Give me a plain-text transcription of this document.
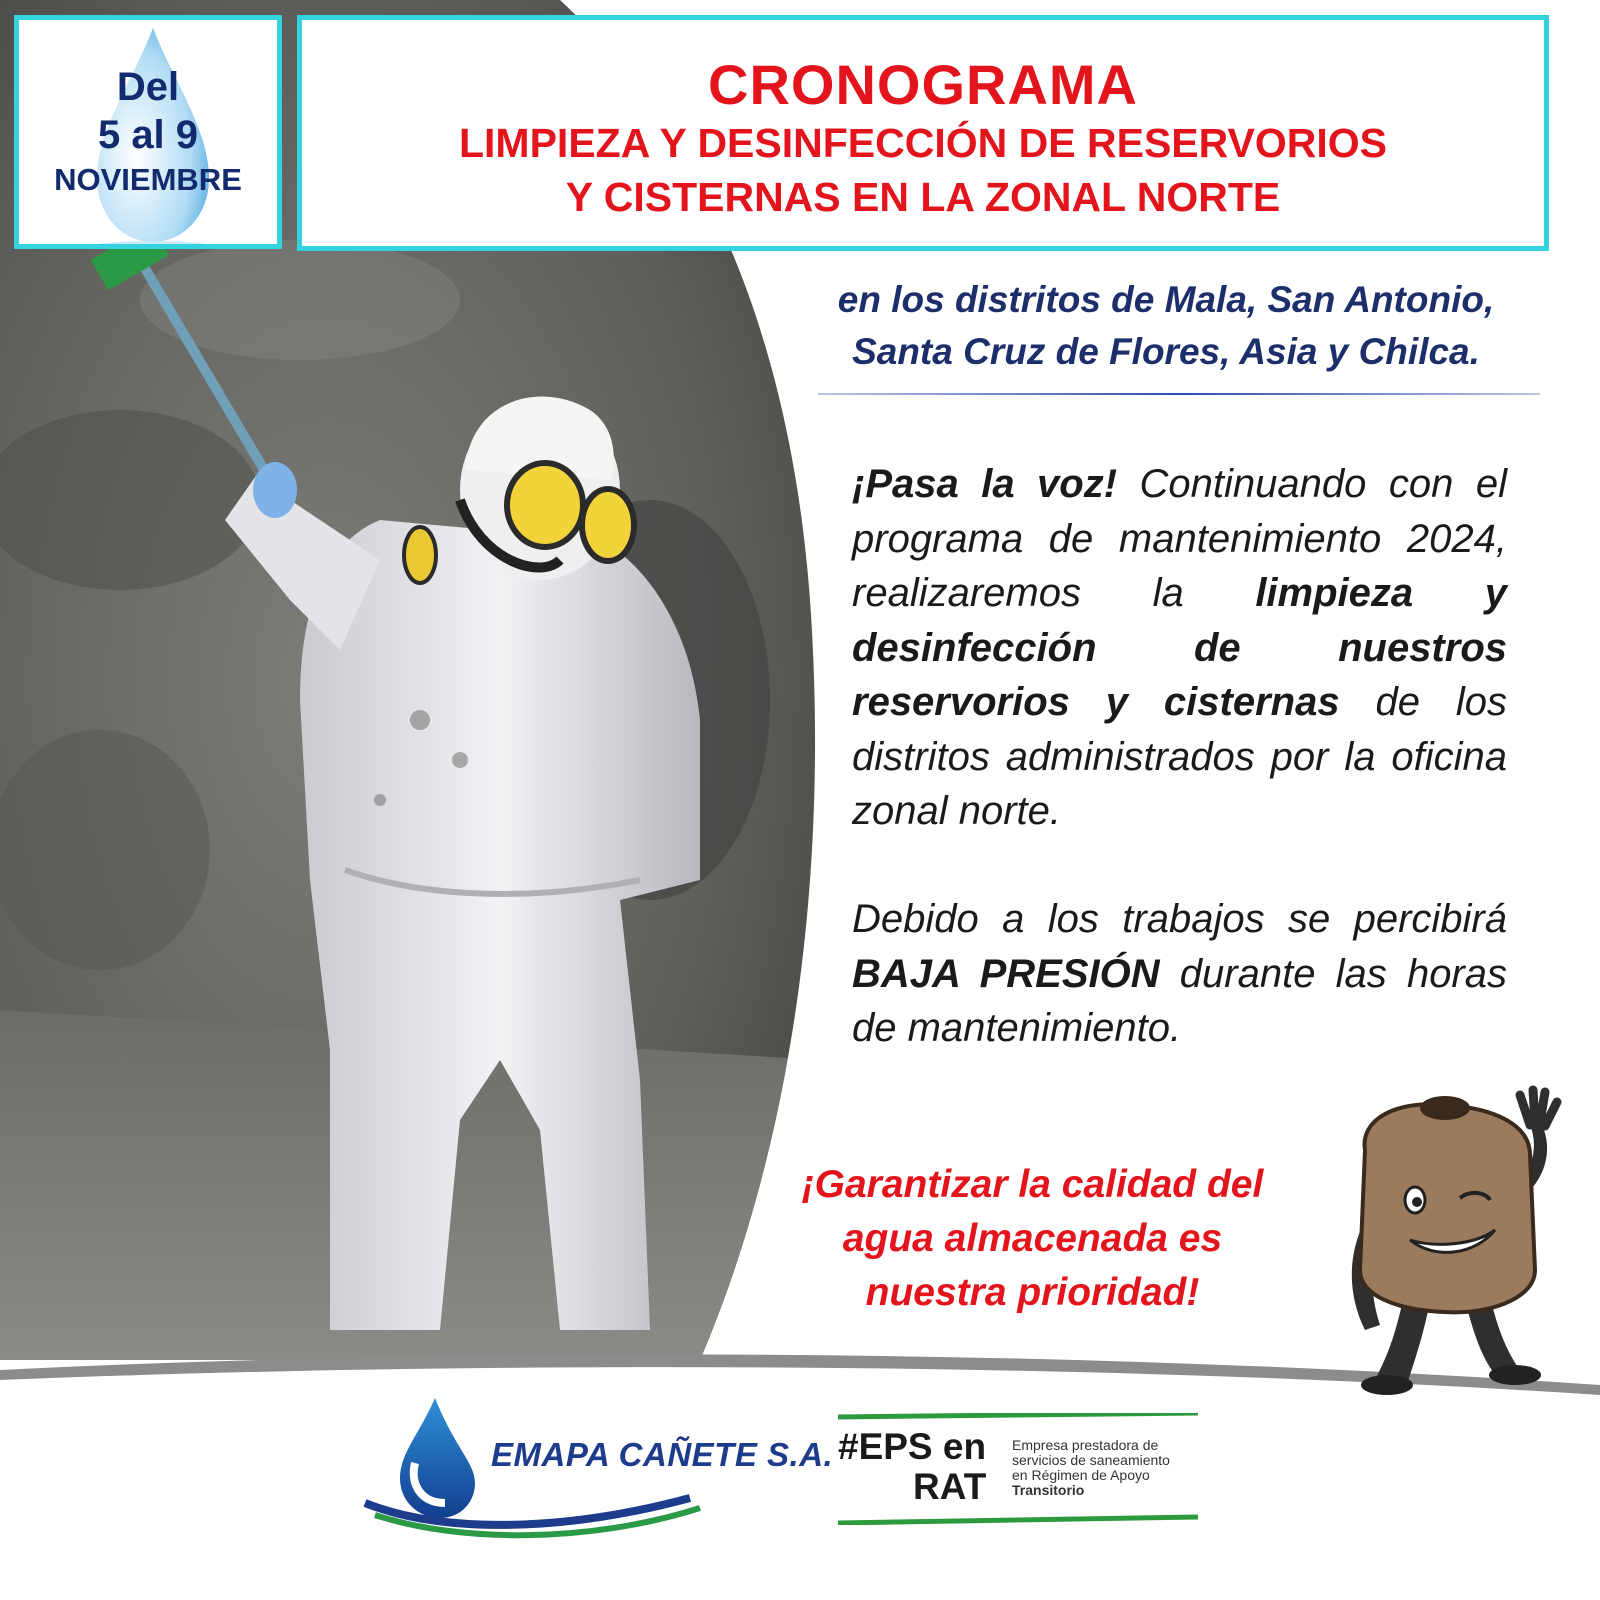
Del
5 al 9
NOVIEMBRE
CRONOGRAMA
LIMPIEZA Y DESINFECCIÓN DE RESERVORIOS
Y CISTERNAS EN LA ZONAL NORTE
en los distritos de Mala, San Antonio,
Santa Cruz de Flores, Asia y Chilca.
¡Pasa la voz! Continuando con el programa de mantenimiento 2024, realizaremos la limpieza y desinfección de nuestros reservorios y cisternas de los distritos administrados por la oficina zonal norte.
Debido a los trabajos se percibirá BAJA PRESIÓN durante las horas de mantenimiento.
¡Garantizar la calidad del
agua almacenada es
nuestra prioridad!
EMAPA CAÑETE S.A. #EPS en
RAT
Empresa prestadora de
servicios de saneamiento
en Régimen de Apoyo
Transitorio
